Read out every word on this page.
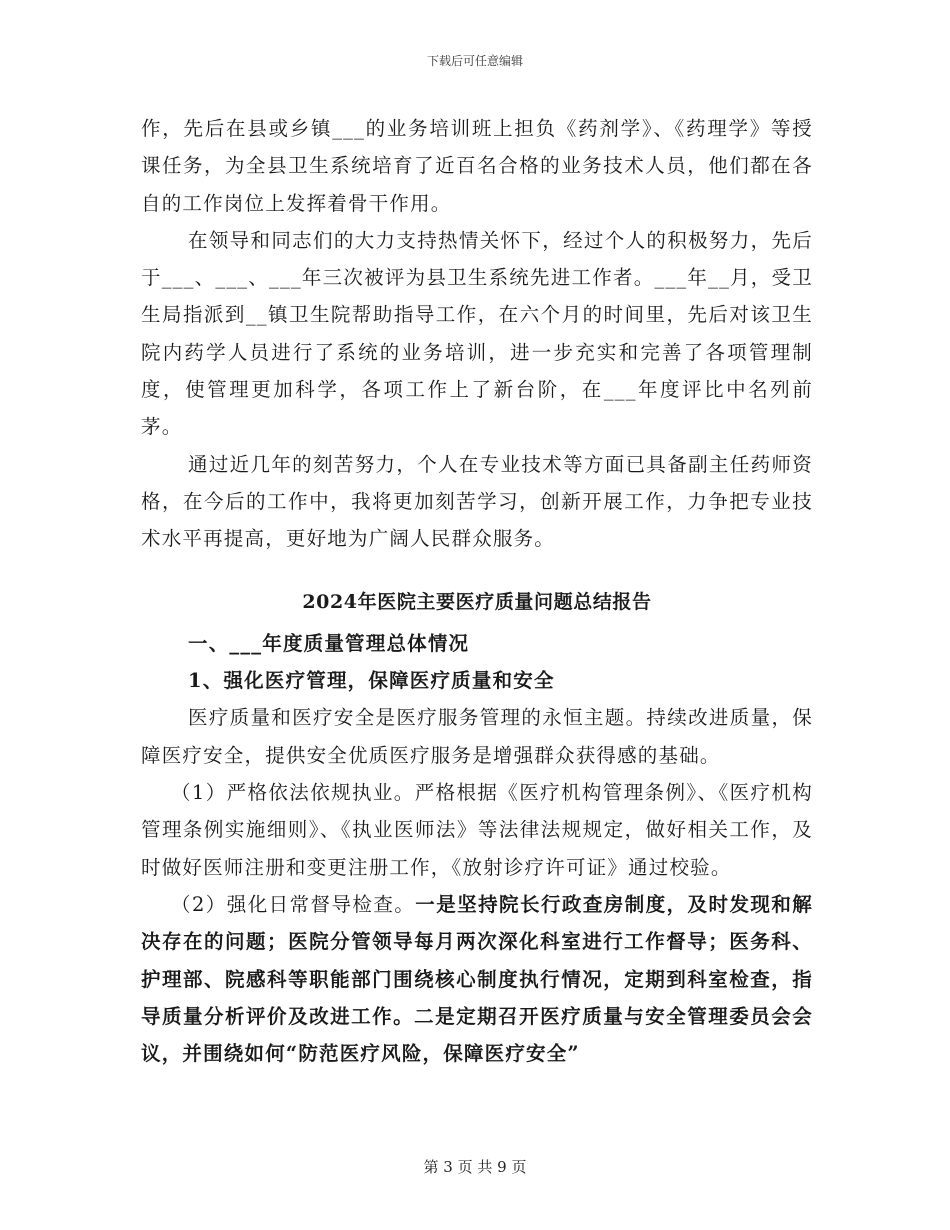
下载后可任意编辑

作，先后在县或乡镇___的业务培训班上担负《药剂学》、《药理学》等授课任务，为全县卫生系统培育了近百名合格的业务技术人员，他们都在各自的工作岗位上发挥着骨干作用。

在领导和同志们的大力支持热情关怀下，经过个人的积极努力，先后于___、___、___年三次被评为县卫生系统先进工作者。___年__月，受卫生局指派到__镇卫生院帮助指导工作，在六个月的时间里，先后对该卫生院内药学人员进行了系统的业务培训，进一步充实和完善了各项管理制度，使管理更加科学，各项工作上了新台阶，在___年度评比中名列前茅。

通过近几年的刻苦努力，个人在专业技术等方面已具备副主任药师资格，在今后的工作中，我将更加刻苦学习，创新开展工作，力争把专业技术水平再提高，更好地为广阔人民群众服务。

2024年医院主要医疗质量问题总结报告

一、___年度质量管理总体情况

1、强化医疗管理，保障医疗质量和安全

医疗质量和医疗安全是医疗服务管理的永恒主题。持续改进质量，保障医疗安全，提供安全优质医疗服务是增强群众获得感的基础。

（1）严格依法依规执业。严格根据《医疗机构管理条例》、《医疗机构管理条例实施细则》、《执业医师法》等法律法规规定，做好相关工作，及时做好医师注册和变更注册工作，《放射诊疗许可证》通过校验。

（2）强化日常督导检查。一是坚持院长行政查房制度，及时发现和解决存在的问题；医院分管领导每月两次深化科室进行工作督导；医务科、护理部、院感科等职能部门围绕核心制度执行情况，定期到科室检查，指导质量分析评价及改进工作。二是定期召开医疗质量与安全管理委员会会议，并围绕如何“防范医疗风险，保障医疗安全”

第 3 页 共 9 页
